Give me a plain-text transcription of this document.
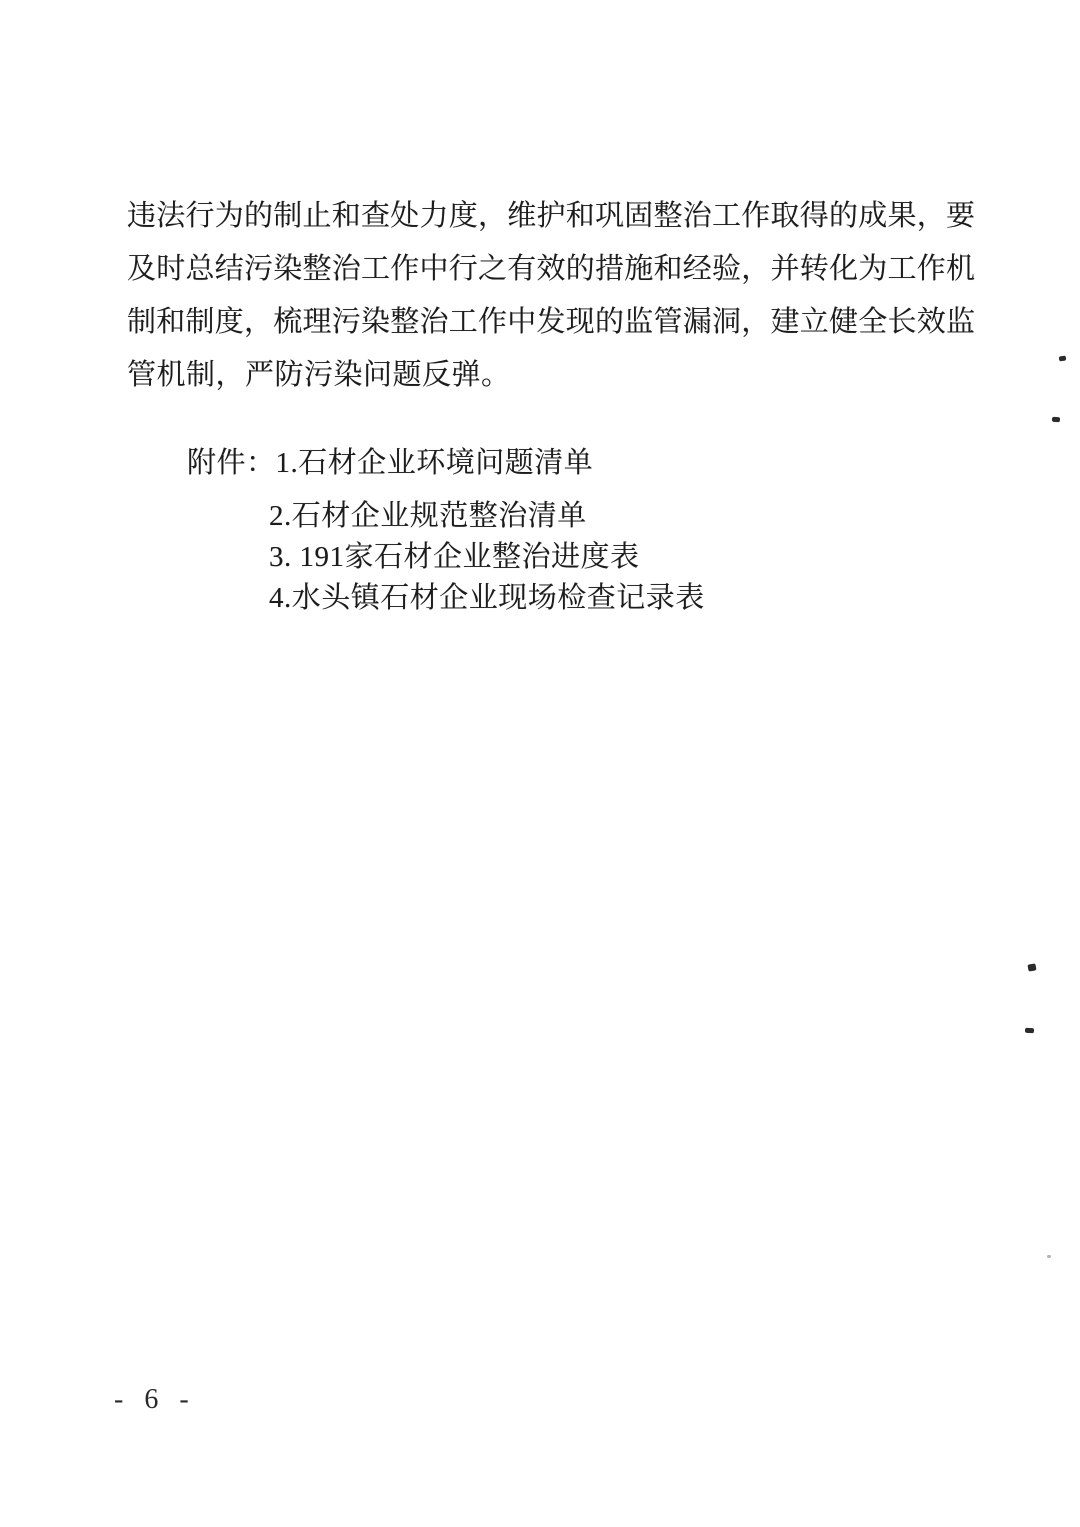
违法行为的制止和查处力度，维护和巩固整治工作取得的成果，要
及时总结污染整治工作中行之有效的措施和经验，并转化为工作机
制和制度，梳理污染整治工作中发现的监管漏洞，建立健全长效监
管机制，严防污染问题反弹。
附件：1.石材企业环境问题清单
2.石材企业规范整治清单
3. 191家石材企业整治进度表
4.水头镇石材企业现场检查记录表
- 6 -
